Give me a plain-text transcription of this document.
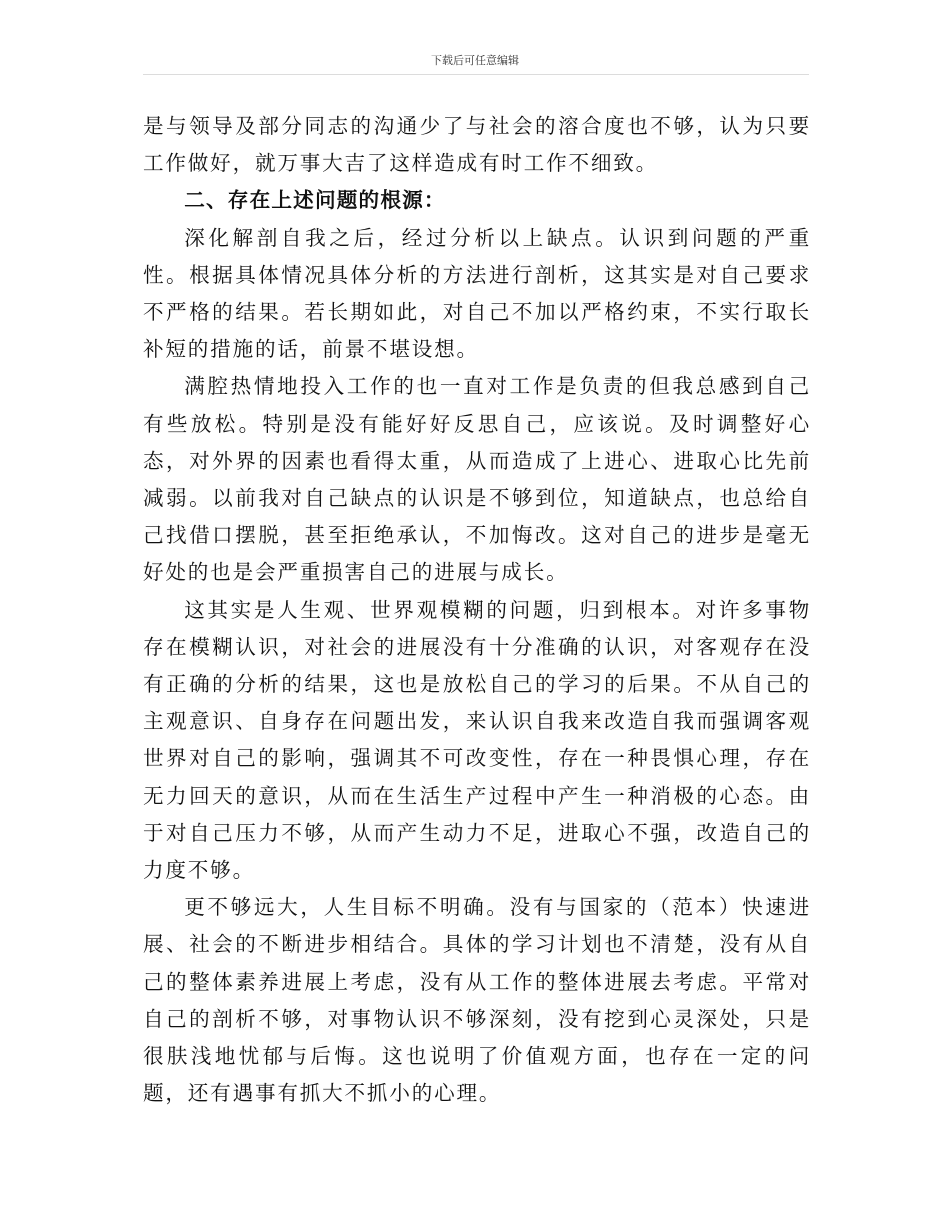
下载后可任意编辑

是与领导及部分同志的沟通少了与社会的溶合度也不够，认为只要工作做好，就万事大吉了这样造成有时工作不细致。

二、存在上述问题的根源：

深化解剖自我之后，经过分析以上缺点。认识到问题的严重性。根据具体情况具体分析的方法进行剖析，这其实是对自己要求不严格的结果。若长期如此，对自己不加以严格约束，不实行取长补短的措施的话，前景不堪设想。

满腔热情地投入工作的也一直对工作是负责的但我总感到自己有些放松。特别是没有能好好反思自己，应该说。及时调整好心态，对外界的因素也看得太重，从而造成了上进心、进取心比先前减弱。以前我对自己缺点的认识是不够到位，知道缺点，也总给自己找借口摆脱，甚至拒绝承认，不加悔改。这对自己的进步是毫无好处的也是会严重损害自己的进展与成长。

这其实是人生观、世界观模糊的问题，归到根本。对许多事物存在模糊认识，对社会的进展没有十分准确的认识，对客观存在没有正确的分析的结果，这也是放松自己的学习的后果。不从自己的主观意识、自身存在问题出发，来认识自我来改造自我而强调客观世界对自己的影响，强调其不可改变性，存在一种畏惧心理，存在无力回天的意识，从而在生活生产过程中产生一种消极的心态。由于对自己压力不够，从而产生动力不足，进取心不强，改造自己的力度不够。

更不够远大，人生目标不明确。没有与国家的（范本）快速进展、社会的不断进步相结合。具体的学习计划也不清楚，没有从自己的整体素养进展上考虑，没有从工作的整体进展去考虑。平常对自己的剖析不够，对事物认识不够深刻，没有挖到心灵深处，只是很肤浅地忧郁与后悔。这也说明了价值观方面，也存在一定的问题，还有遇事有抓大不抓小的心理。
